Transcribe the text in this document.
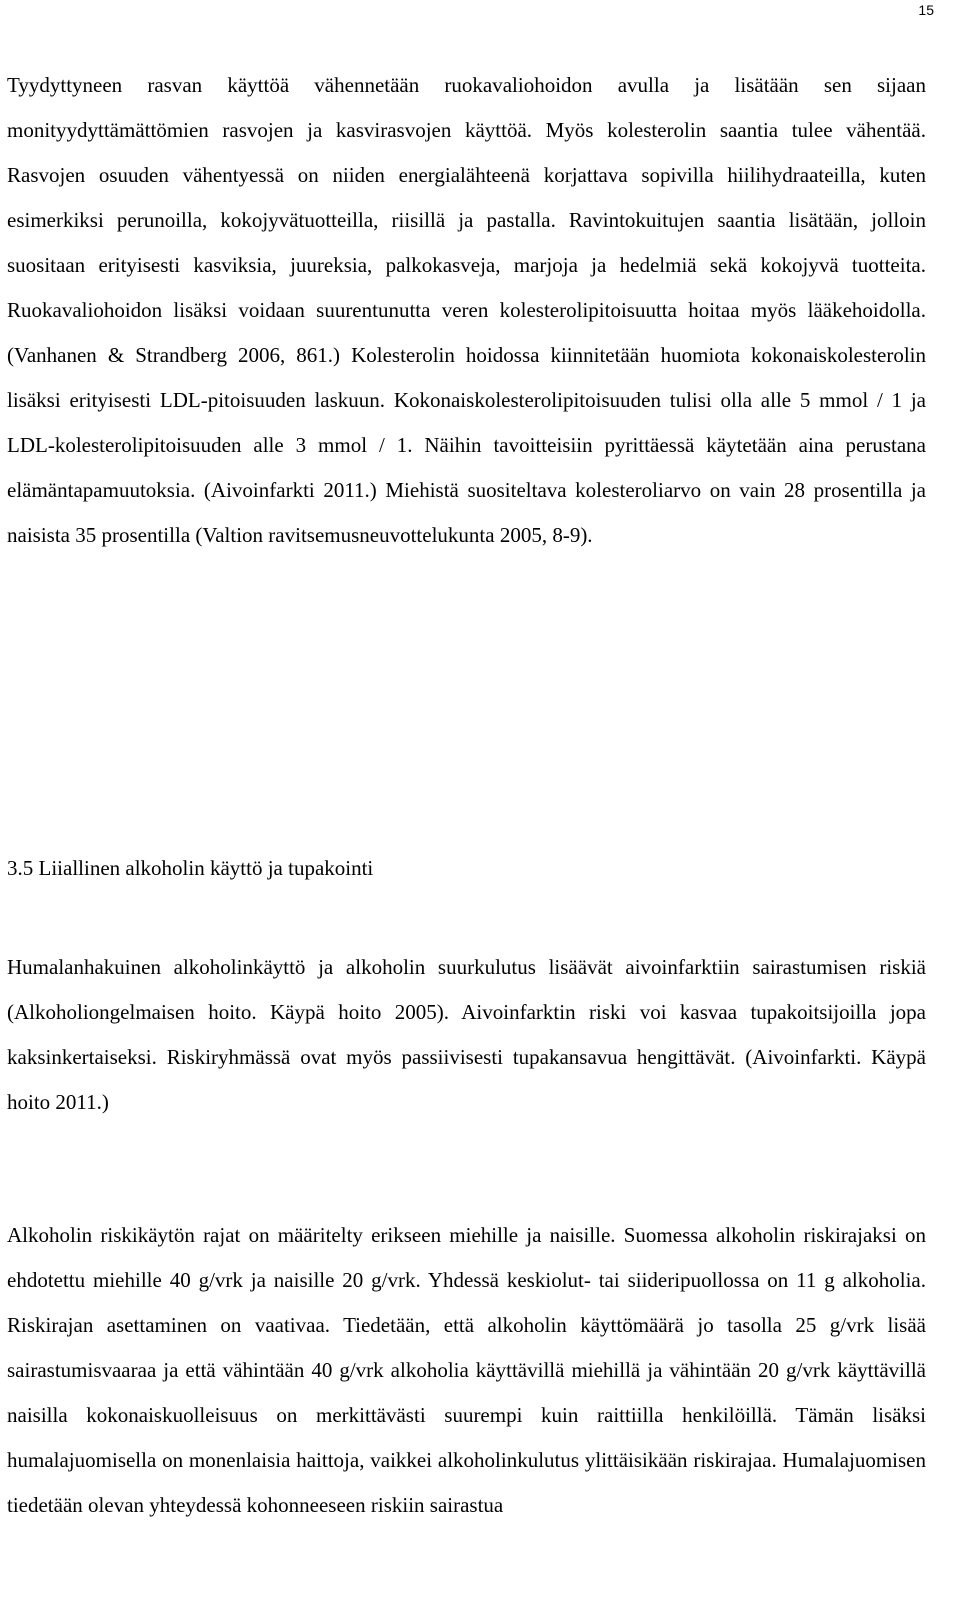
15

Tyydyttyneen rasvan käyttöä vähennetään ruokavaliohoidon avulla ja lisätään sen sijaan monityydyttämättömien rasvojen ja kasvirasvojen käyttöä. Myös kolesterolin saantia tulee vähentää. Rasvojen osuuden vähentyessä on niiden energialähteenä korjattava sopivilla hiilihydraateilla, kuten esimerkiksi perunoilla, kokojyvätuotteilla, riisillä ja pastalla. Ravintokuitujen saantia lisätään, jolloin suositaan erityisesti kasviksia, juureksia, palkokasveja, marjoja ja hedelmiä sekä kokojyvä tuotteita. Ruokavaliohoidon lisäksi voidaan suurentunutta veren kolesterolipitoisuutta hoitaa myös lääkehoidolla. (Vanhanen & Strandberg 2006, 861.) Kolesterolin hoidossa kiinnitetään huomiota kokonaiskolesterolin lisäksi erityisesti LDL-pitoisuuden laskuun. Kokonaiskolesterolipitoisuuden tulisi olla alle 5 mmol / 1 ja LDL-kolesterolipitoisuuden alle 3 mmol / 1. Näihin tavoitteisiin pyrittäessä käytetään aina perustana elämäntapamuutoksia. (Aivoinfarkti 2011.) Miehistä suositeltava kolesteroliarvo on vain 28 prosentilla ja naisista 35 prosentilla (Valtion ravitsemusneuvottelukunta 2005, 8-9).

3.5 Liiallinen alkoholin käyttö ja tupakointi

Humalanhakuinen alkoholinkäyttö ja alkoholin suurkulutus lisäävät aivoinfarktiin sairastumisen riskiä (Alkoholiongelmaisen hoito. Käypä hoito 2005). Aivoinfarktin riski voi kasvaa tupakoitsijoilla jopa kaksinkertaiseksi. Riskiryhmässä ovat myös passiivisesti tupakansavua hengittävät. (Aivoinfarkti. Käypä hoito 2011.)

Alkoholin riskikäytön rajat on määritelty erikseen miehille ja naisille. Suomessa alkoholin riskirajaksi on ehdotettu miehille 40 g/vrk ja naisille 20 g/vrk. Yhdessä keskiolut- tai siideripuollossa on 11 g alkoholia. Riskirajan asettaminen on vaativaa. Tiedetään, että alkoholin käyttömäärä jo tasolla 25 g/vrk lisää sairastumisvaaraa ja että vähintään 40 g/vrk alkoholia käyttävillä miehillä ja vähintään 20 g/vrk käyttävillä naisilla kokonaiskuolleisuus on merkittävästi suurempi kuin raittiilla henkilöillä. Tämän lisäksi humalajuomisella on monenlaisia haittoja, vaikkei alkoholinkulutus ylittäisikään riskirajaa. Humalajuomisen tiedetään olevan yhteydessä kohonneeseen riskiin sairastua
